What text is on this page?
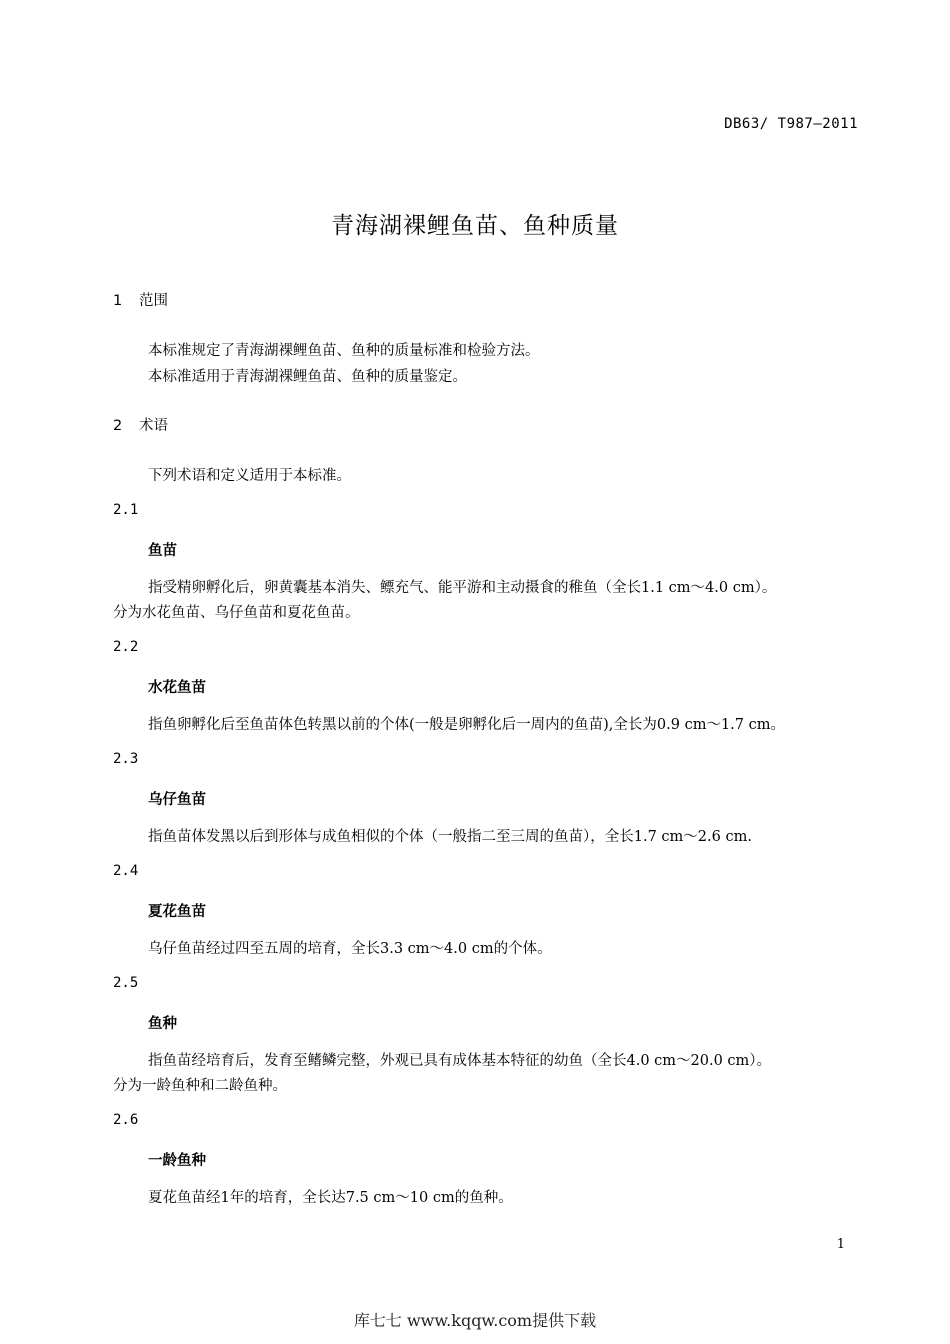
DB63/ T987—2011
青海湖裸鲤鱼苗、鱼种质量
1 范围
本标准规定了青海湖裸鲤鱼苗、鱼种的质量标准和检验方法。
本标准适用于青海湖裸鲤鱼苗、鱼种的质量鉴定。
2 术语
下列术语和定义适用于本标准。
2.1
鱼苗
指受精卵孵化后，卵黄囊基本消失、鳔充气、能平游和主动摄食的稚鱼（全长1.1 cm～4.0 cm）。
分为水花鱼苗、乌仔鱼苗和夏花鱼苗。
2.2
水花鱼苗
指鱼卵孵化后至鱼苗体色转黑以前的个体(一般是卵孵化后一周内的鱼苗),全长为0.9 cm～1.7 cm。
2.3
乌仔鱼苗
指鱼苗体发黑以后到形体与成鱼相似的个体（一般指二至三周的鱼苗），全长1.7 cm～2.6 cm.
2.4
夏花鱼苗
乌仔鱼苗经过四至五周的培育，全长3.3 cm～4.0 cm的个体。
2.5
鱼种
指鱼苗经培育后，发育至鳍鳞完整，外观已具有成体基本特征的幼鱼（全长4.0 cm～20.0 cm）。
分为一龄鱼种和二龄鱼种。
2.6
一龄鱼种
夏花鱼苗经1年的培育，全长达7.5 cm～10 cm的鱼种。
1
库七七 www.kqqw.com提供下载
